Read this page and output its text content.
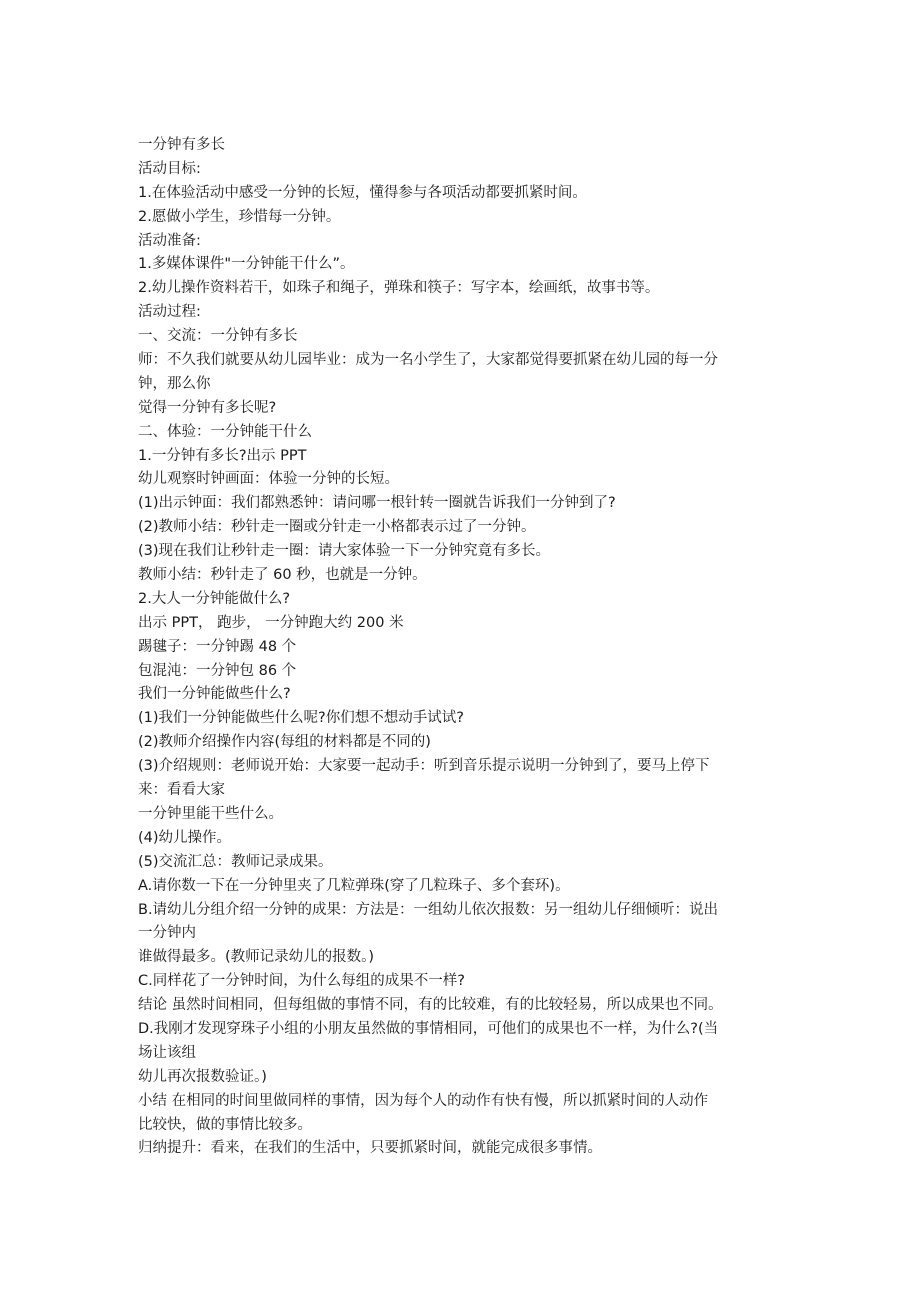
一分钟有多长
活动目标:
1.在体验活动中感受一分钟的长短，懂得参与各项活动都要抓紧时间。
2.愿做小学生，珍惜每一分钟。
活动准备:
1.多媒体课件"一分钟能干什么”。
2.幼儿操作资料若干，如珠子和绳子，弹珠和筷子：写字本，绘画纸，故事书等。
活动过程:
一、交流：一分钟有多长
师：不久我们就要从幼儿园毕业：成为一名小学生了，大家都觉得要抓紧在幼儿园的每一分
钟，那么你
觉得一分钟有多长呢?
二、体验：一分钟能干什么
1.一分钟有多长?出示 PPT
幼儿观察时钟画面：体验一分钟的长短。
(1)出示钟面：我们都熟悉钟：请问哪一根针转一圈就告诉我们一分钟到了?
(2)教师小结：秒针走一圈或分针走一小格都表示过了一分钟。
(3)现在我们让秒针走一圈：请大家体验一下一分钟究竟有多长。
教师小结：秒针走了 60 秒，也就是一分钟。
2.大人一分钟能做什么?
出示 PPT， 跑步， 一分钟跑大约 200 米
踢毽子：一分钟踢 48 个
包混沌：一分钟包 86 个
我们一分钟能做些什么?
(1)我们一分钟能做些什么呢?你们想不想动手试试?
(2)教师介绍操作内容(每组的材料都是不同的)
(3)介绍规则：老师说开始：大家要一起动手：听到音乐提示说明一分钟到了，要马上停下
来：看看大家
一分钟里能干些什么。
(4)幼儿操作。
(5)交流汇总：教师记录成果。
A.请你数一下在一分钟里夹了几粒弹珠(穿了几粒珠子、多个套环)。
B.请幼儿分组介绍一分钟的成果：方法是：一组幼儿依次报数：另一组幼儿仔细倾听：说出
一分钟内
谁做得最多。(教师记录幼儿的报数。)
C.同样花了一分钟时间，为什么每组的成果不一样?
结论 虽然时间相同，但每组做的事情不同，有的比较难，有的比较轻易，所以成果也不同。
D.我刚才发现穿珠子小组的小朋友虽然做的事情相同，可他们的成果也不一样，为什么?(当
场让该组
幼儿再次报数验证。)
小结 在相同的时间里做同样的事情，因为每个人的动作有快有慢，所以抓紧时间的人动作
比较快，做的事情比较多。
归纳提升：看来，在我们的生活中，只要抓紧时间，就能完成很多事情。
